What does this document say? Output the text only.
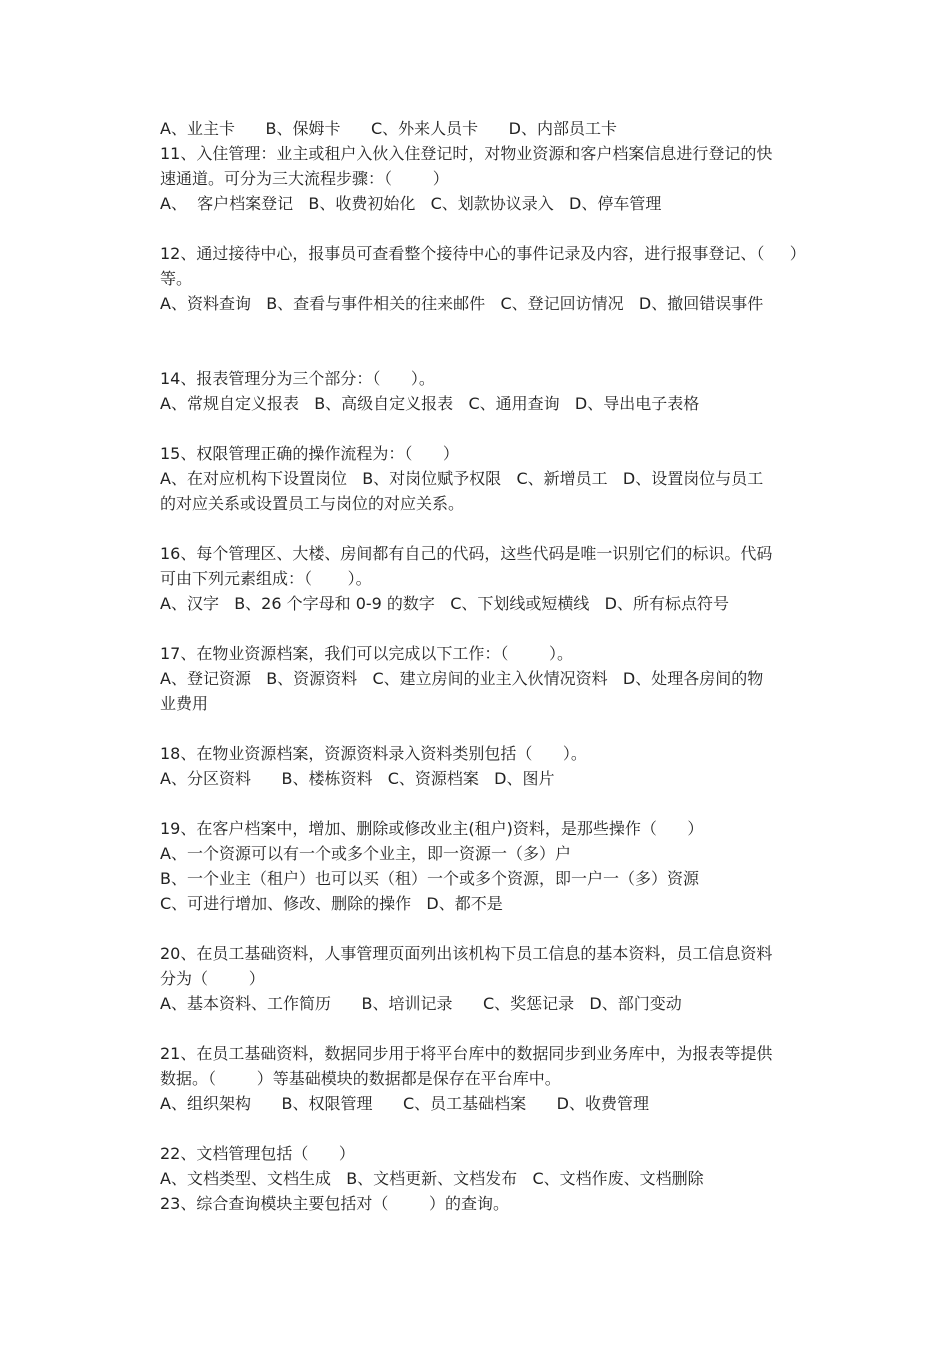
A、业主卡      B、保姆卡      C、外来人员卡      D、内部员工卡

11、入住管理：业主或租户入伙入住登记时，对物业资源和客户档案信息进行登记的快

速通道。可分为三大流程步骤：（        ）

A、  客户档案登记   B、收费初始化   C、划款协议录入   D、停车管理

12、通过接待中心，报事员可查看整个接待中心的事件记录及内容，进行报事登记、（     ）

等。

A、资料查询   B、查看与事件相关的往来邮件   C、登记回访情况   D、撤回错误事件

14、报表管理分为三个部分：（      ）。

A、常规自定义报表   B、高级自定义报表   C、通用查询   D、导出电子表格

15、权限管理正确的操作流程为：（      ）

A、在对应机构下设置岗位   B、对岗位赋予权限   C、新增员工   D、设置岗位与员工

的对应关系或设置员工与岗位的对应关系。

16、每个管理区、大楼、房间都有自己的代码，这些代码是唯一识别它们的标识。代码

可由下列元素组成：（       ）。

A、汉字   B、26 个字母和 0-9 的数字   C、下划线或短横线   D、所有标点符号

17、在物业资源档案，我们可以完成以下工作：（        ）。

A、登记资源   B、资源资料   C、建立房间的业主入伙情况资料   D、处理各房间的物

业费用

18、在物业资源档案，资源资料录入资料类别包括（      ）。

A、分区资料      B、楼栋资料   C、资源档案   D、图片

19、在客户档案中，增加、删除或修改业主(租户)资料，是那些操作（      ）

A、一个资源可以有一个或多个业主，即一资源一（多）户

B、一个业主（租户）也可以买（租）一个或多个资源，即一户一（多）资源

C、可进行增加、修改、删除的操作   D、都不是

20、在员工基础资料，人事管理页面列出该机构下员工信息的基本资料，员工信息资料

分为（        ）

A、基本资料、工作简历      B、培训记录      C、奖惩记录   D、部门变动

21、在员工基础资料，数据同步用于将平台库中的数据同步到业务库中，为报表等提供

数据。（        ）等基础模块的数据都是保存在平台库中。

A、组织架构      B、权限管理      C、员工基础档案      D、收费管理

22、文档管理包括（      ）

A、文档类型、文档生成   B、文档更新、文档发布   C、文档作废、文档删除

23、综合查询模块主要包括对（        ）的查询。
